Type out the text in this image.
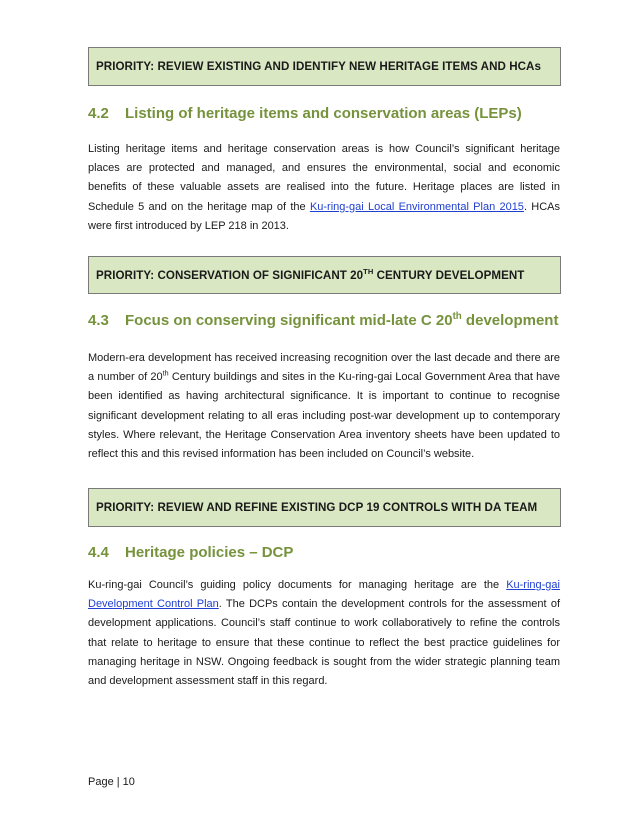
PRIORITY: REVIEW EXISTING AND IDENTIFY NEW HERITAGE ITEMS AND HCAs
4.2 Listing of heritage items and conservation areas (LEPs)
Listing heritage items and heritage conservation areas is how Council’s significant heritage places are protected and managed, and ensures the environmental, social and economic benefits of these valuable assets are realised into the future. Heritage places are listed in Schedule 5 and on the heritage map of the Ku-ring-gai Local Environmental Plan 2015. HCAs were first introduced by LEP 218 in 2013.
PRIORITY: CONSERVATION OF SIGNIFICANT 20TH CENTURY DEVELOPMENT
4.3 Focus on conserving significant mid-late C 20th development
Modern-era development has received increasing recognition over the last decade and there are a number of 20th Century buildings and sites in the Ku-ring-gai Local Government Area that have been identified as having architectural significance. It is important to continue to recognise significant development relating to all eras including post-war development up to contemporary styles. Where relevant, the Heritage Conservation Area inventory sheets have been updated to reflect this and this revised information has been included on Council’s website.
PRIORITY: REVIEW AND REFINE EXISTING DCP 19 CONTROLS WITH DA TEAM
4.4 Heritage policies – DCP
Ku-ring-gai Council’s guiding policy documents for managing heritage are the Ku-ring-gai Development Control Plan. The DCPs contain the development controls for the assessment of development applications. Council’s staff continue to work collaboratively to refine the controls that relate to heritage to ensure that these continue to reflect the best practice guidelines for managing heritage in NSW. Ongoing feedback is sought from the wider strategic planning team and development assessment staff in this regard.
Page | 10
